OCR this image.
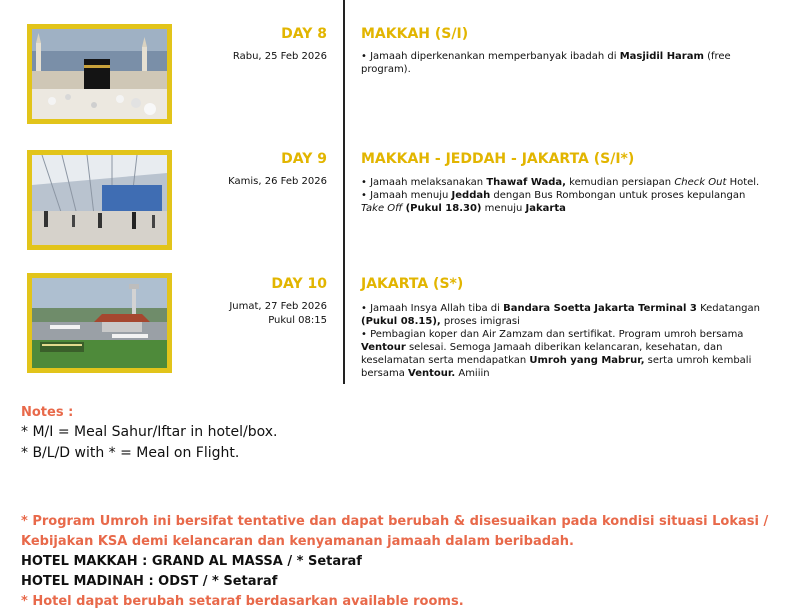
DAY 8
Rabu, 25 Feb 2026
MAKKAH (S/I)

• Jamaah diperkenankan memperbanyak ibadah di Masjidil Haram (free program).

DAY 9
Kamis, 26 Feb 2026
MAKKAH - JEDDAH - JAKARTA (S/I*)

• Jamaah melaksanakan Thawaf Wada, kemudian persiapan Check Out Hotel.

• Jamaah menuju Jeddah dengan Bus Rombongan untuk proses kepulangan Take Off (Pukul 18.30) menuju Jakarta

DAY 10
Jumat, 27 Feb 2026
Pukul 08:15
JAKARTA (S*)

• Jamaah Insya Allah tiba di Bandara Soetta Jakarta Terminal 3 Kedatangan (Pukul 08.15), proses imigrasi

• Pembagian koper dan Air Zamzam dan sertifikat. Program umroh bersama Ventour selesai. Semoga Jamaah diberikan kelancaran, kesehatan, dan keselamatan serta mendapatkan Umroh yang Mabrur, serta umroh kembali bersama Ventour. Amiiin

Notes :
* M/I = Meal Sahur/Iftar in hotel/box.
* B/L/D with * = Meal on Flight.
* Program Umroh ini bersifat tentative dan dapat berubah & disesuaikan pada kondisi situasi Lokasi / Kebijakan KSA demi kelancaran dan kenyamanan jamaah dalam beribadah.
HOTEL MAKKAH : GRAND AL MASSA / * Setaraf
HOTEL MADINAH : ODST / * Setaraf
* Hotel dapat berubah setaraf berdasarkan available rooms.
